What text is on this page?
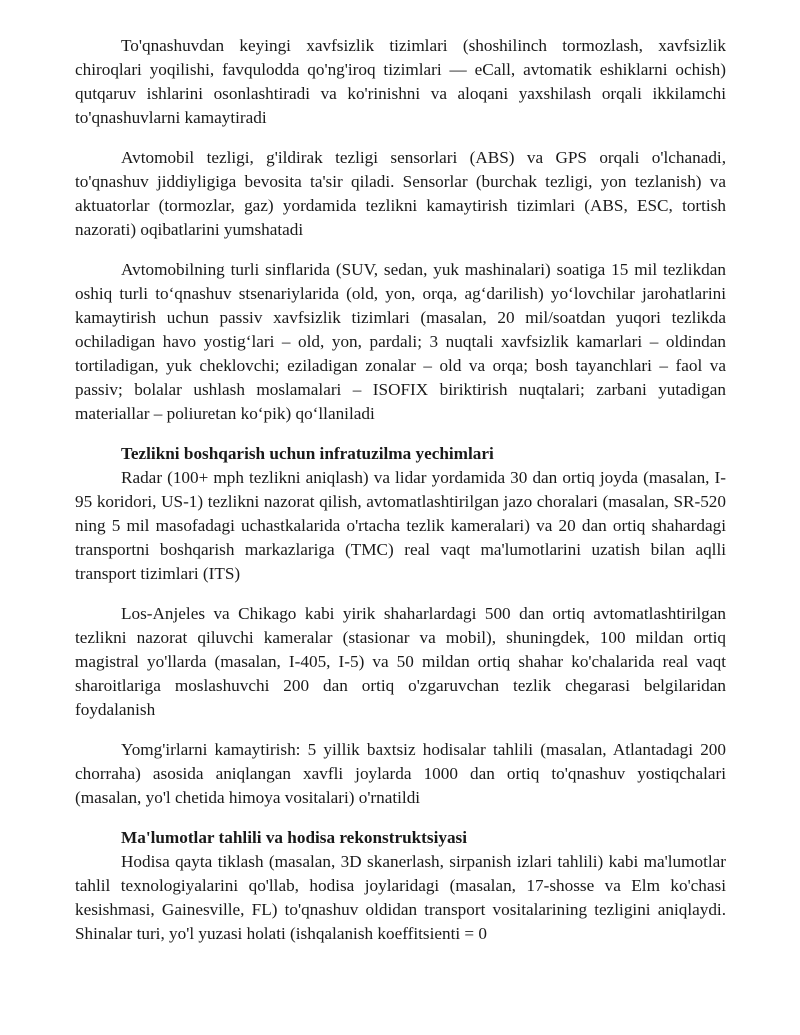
To'qnashuvdan keyingi xavfsizlik tizimlari (shoshilinch tormozlash, xavfsizlik chiroqlari yoqilishi, favqulodda qo'ng'iroq tizimlari — eCall, avtomatik eshiklarni ochish) qutqaruv ishlarini osonlashtiradi va ko'rinishni va aloqani yaxshilash orqali ikkilamchi to'qnashuvlarni kamaytiradi

Avtomobil tezligi, g'ildirak tezligi sensorlari (ABS) va GPS orqali o'lchanadi, to'qnashuv jiddiyligiga bevosita ta'sir qiladi. Sensorlar (burchak tezligi, yon tezlanish) va aktuatorlar (tormozlar, gaz) yordamida tezlikni kamaytirish tizimlari (ABS, ESC, tortish nazorati) oqibatlarini yumshatadi

Avtomobilning turli sinflarida (SUV, sedan, yuk mashinalari) soatiga 15 mil tezlikdan oshiq turli to‘qnashuv stsenariylarida (old, yon, orqa, ag‘darilish) yo‘lovchilar jarohatlarini kamaytirish uchun passiv xavfsizlik tizimlari (masalan, 20 mil/soatdan yuqori tezlikda ochiladigan havo yostig‘lari – old, yon, pardali; 3 nuqtali xavfsizlik kamarlari – oldindan tortiladigan, yuk cheklovchi; eziladigan zonalar – old va orqa; bosh tayanchlari – faol va passiv; bolalar ushlash moslamalari – ISOFIX biriktirish nuqtalari; zarbani yutadigan materiallar – poliuretan ko‘pik) qo‘llaniladi

Tezlikni boshqarish uchun infratuzilma yechimlari

Radar (100+ mph tezlikni aniqlash) va lidar yordamida 30 dan ortiq joyda (masalan, I-95 koridori, US-1) tezlikni nazorat qilish, avtomatlashtirilgan jazo choralari (masalan, SR-520 ning 5 mil masofadagi uchastkalarida o'rtacha tezlik kameralari) va 20 dan ortiq shahardagi transportni boshqarish markazlariga (TMC) real vaqt ma'lumotlarini uzatish bilan aqlli transport tizimlari (ITS)

Los-Anjeles va Chikago kabi yirik shaharlardagi 500 dan ortiq avtomatlashtirilgan tezlikni nazorat qiluvchi kameralar (stasionar va mobil), shuningdek, 100 mildan ortiq magistral yo'llarda (masalan, I-405, I-5) va 50 mildan ortiq shahar ko'chalarida real vaqt sharoitlariga moslashuvchi 200 dan ortiq o'zgaruvchan tezlik chegarasi belgilaridan foydalanish

Yomg'irlarni kamaytirish: 5 yillik baxtsiz hodisalar tahlili (masalan, Atlantadagi 200 chorraha) asosida aniqlangan xavfli joylarda 1000 dan ortiq to'qnashuv yostiqchalari (masalan, yo'l chetida himoya vositalari) o'rnatildi

Ma'lumotlar tahlili va hodisa rekonstruktsiyasi

Hodisa qayta tiklash (masalan, 3D skanerlash, sirpanish izlari tahlili) kabi ma'lumotlar tahlil texnologiyalarini qo'llab, hodisa joylaridagi (masalan, 17-shosse va Elm ko'chasi kesishmasi, Gainesville, FL) to'qnashuv oldidan transport vositalarining tezligini aniqlaydi. Shinalar turi, yo'l yuzasi holati (ishqalanish koeffitsienti = 0
